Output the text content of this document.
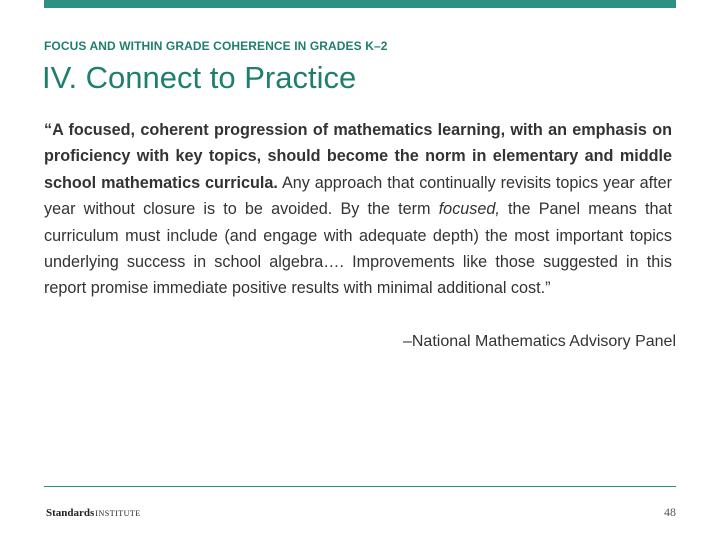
FOCUS AND WITHIN GRADE COHERENCE IN GRADES K–2
IV. Connect to Practice

“A focused, coherent progression of mathematics learning, with an emphasis on proficiency with key topics, should become the norm in elementary and middle school mathematics curricula. Any approach that continually revisits topics year after year without closure is to be avoided. By the term focused, the Panel means that curriculum must include (and engage with adequate depth) the most important topics underlying success in school algebra…. Improvements like those suggested in this report promise immediate positive results with minimal additional cost.”

–National Mathematics Advisory Panel
StandardsINSTITUTE	48
